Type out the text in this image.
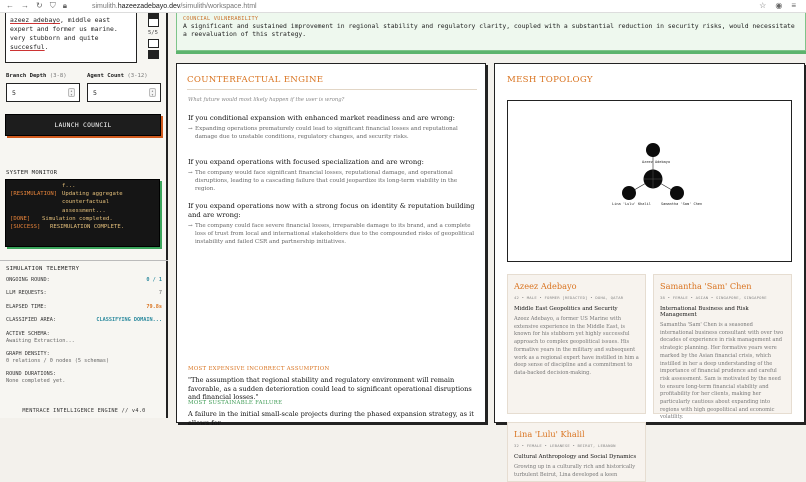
← → ↻ ⛉ 🔒︎	simulith.hazeezadebayo.dev/simulith/workspace.html	☆ ◉ ≡
azeez adebayo, middle east expert and former us marine. very stubborn and quite succesful.
5/5
Branch Depth (3-8)	Agent Count (3-12)
5	▴
▾	5	▴
▾
LAUNCH COUNCIL
SYSTEM MONITOR
f...
[RESIMULATION] Updating aggregate
counterfactual
assessment...
[DONE]	Simulation completed.
[SUCCESS]	RESIMULATION COMPLETE.
SIMULATION TELEMETRY
ONGOING ROUND:	0 / 1
LLM REQUESTS:	7
ELAPSED TIME:	79.8s
CLASSIFIED AREA:	CLASSIFYING DOMAIN...
ACTIVE SCHEMA:
Awaiting Extraction...
GRAPH DENSITY:
0 relations / 0 nodes (5 schemas)
ROUND DURATIONS:
None completed yet.
MENTRACE INTELLIGENCE ENGINE // v4.0
COUNCIAL VULNERABILITY
A significant and sustained improvement in regional stability and regulatory clarity, coupled with a substantial reduction in security risks, would necessitate a reevaluation of this strategy.
COUNTERFACTUAL ENGINE
What future would most likely happen if the user is wrong?
If you conditional expansion with enhanced market readiness and are wrong:
→ Expanding operations prematurely could lead to significant financial losses and reputational damage due to unstable conditions, regulatory changes, and security risks.
If you expand operations with focused specialization and are wrong:
→ The company would face significant financial losses, reputational damage, and operational disruptions, leading to a cascading failure that could jeopardize its long-term viability in the region.
If you expand operations now with a strong focus on identity & reputation building and are wrong:
→ The company could face severe financial losses, irreparable damage to its brand, and a complete loss of trust from local and international stakeholders due to the compounded risks of geopolitical instability and failed CSR and partnership initiatives.
MOST EXPENSIVE INCORRECT ASSUMPTION
"The assumption that regional stability and regulatory environment will remain favorable, as a sudden deterioration could lead to significant operational disruptions and financial losses."
MOST SUSTAINABLE FAILURE
A failure in the initial small-scale projects during the phased expansion strategy, as it allows for
MESH TOPOLOGY
Azeez Adebayo
Lina 'Lulu' Khalil	Samantha 'Sam' Chen
Azeez Adebayo
42 • MALE • FORMER [REDACTED] • DOHA, QATAR
Middle East Geopolitics and Security
Azeez Adebayo, a former US Marine with extensive experience in the Middle East, is known for his stubborn yet highly successful approach to complex geopolitical issues. His formative years in the military and subsequent work as a regional expert have instilled in him a deep sense of discipline and a commitment to data-backed decision-making.
Samantha 'Sam' Chen
38 • FEMALE • ASIAN • SINGAPORE, SINGAPORE
International Business and Risk Management
Samantha 'Sam' Chen is a seasoned international business consultant with over two decades of experience in risk management and strategic planning. Her formative years were marked by the Asian financial crisis, which instilled in her a deep understanding of the importance of financial prudence and careful risk assessment. Sam is motivated by the need to ensure long-term financial stability and profitability for her clients, making her particularly cautious about expanding into regions with high geopolitical and economic volatility.
Lina 'Lulu' Khalil
32 • FEMALE • LEBANESE • BEIRUT, LEBANON
Cultural Anthropology and Social Dynamics
Growing up in a culturally rich and historically turbulent Beirut, Lina developed a keen
